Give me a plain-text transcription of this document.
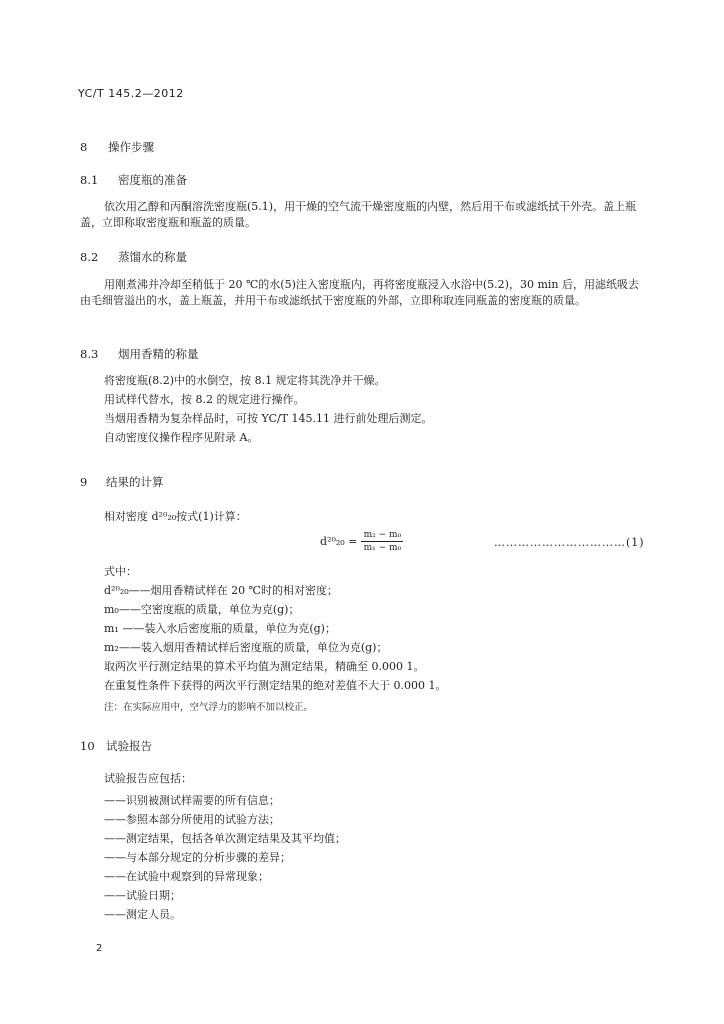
YC/T 145.2—2012
8 操作步骤
8.1 密度瓶的准备
依次用乙醇和丙酮溶洗密度瓶(5.1)，用干燥的空气流干燥密度瓶的内壁，然后用干布或滤纸拭干外壳。盖上瓶盖，立即称取密度瓶和瓶盖的质量。
8.2 蒸馏水的称量
用刚煮沸并冷却至稍低于 20 ℃的水(5)注入密度瓶内，再将密度瓶浸入水浴中(5.2)，30 min 后，用滤纸吸去由毛细管溢出的水，盖上瓶盖，并用干布或滤纸拭干密度瓶的外部，立即称取连同瓶盖的密度瓶的质量。
8.3 烟用香精的称量
将密度瓶(8.2)中的水倒空，按 8.1 规定将其洗净并干燥。
用试样代替水，按 8.2 的规定进行操作。
当烟用香精为复杂样品时，可按 YC/T 145.11 进行前处理后测定。
自动密度仪操作程序见附录 A。
9 结果的计算
相对密度 d²⁰₂₀按式(1)计算：
$d^{20}_{20} = \frac{\text{m₂ − m₀}}{\text{m₁ − m₀}}$	……………………………(1)
式中：
d²⁰₂₀——烟用香精试样在 20 ℃时的相对密度；
m₀——空密度瓶的质量，单位为克(g)；
m₁ ——装入水后密度瓶的质量，单位为克(g)；
m₂——装入烟用香精试样后密度瓶的质量，单位为克(g)；
取两次平行测定结果的算术平均值为测定结果，精确至 0.000 1。
在重复性条件下获得的两次平行测定结果的绝对差值不大于 0.000 1。
注：在实际应用中，空气浮力的影响不加以校正。
10 试验报告
试验报告应包括：
——识别被测试样需要的所有信息；
——参照本部分所使用的试验方法；
——测定结果，包括各单次测定结果及其平均值；
——与本部分规定的分析步骤的差异；
——在试验中观察到的异常现象；
——试验日期；
——测定人员。
2
